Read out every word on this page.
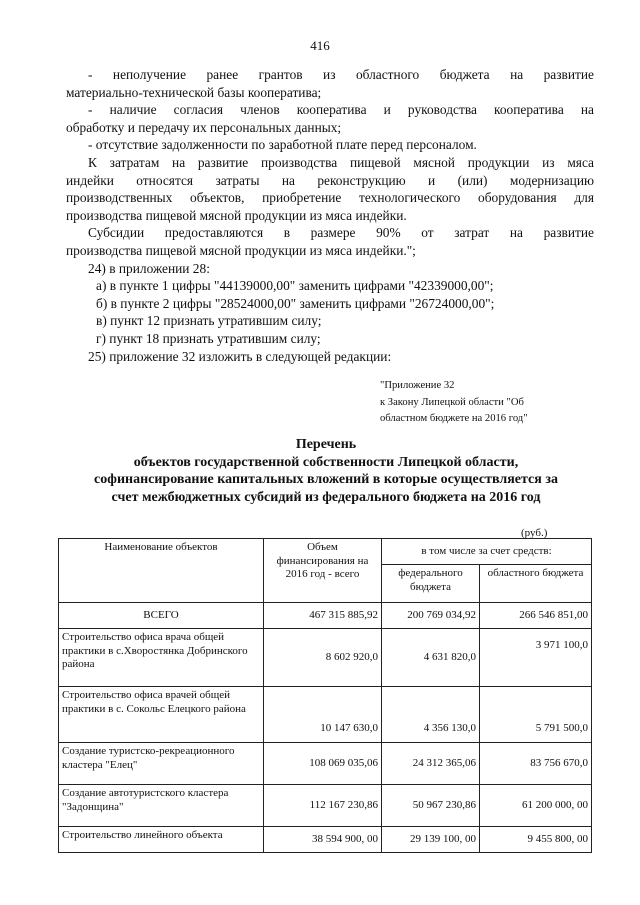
416

- неполучение ранее грантов из областного бюджета на развитие

материально-технической базы кооператива;

- наличие согласия членов кооператива и руководства кооператива на

обработку и передачу их персональных данных;

- отсутствие задолженности по заработной плате перед персоналом.

К затратам на развитие производства пищевой мясной продукции из мяса

индейки относятся затраты на реконструкцию и (или) модернизацию

производственных объектов, приобретение технологического оборудования для

производства пищевой мясной продукции из мяса индейки.

Субсидии предоставляются в размере 90% от затрат на развитие

производства пищевой мясной продукции из мяса индейки.";

24) в приложении 28:

а) в пункте 1 цифры "44139000,00" заменить цифрами "42339000,00";

б) в пункте 2 цифры "28524000,00" заменить цифрами "26724000,00";

в) пункт 12 признать утратившим силу;

г) пункт 18 признать утратившим силу;

25) приложение 32 изложить в следующей редакции:

"Приложение 32

к Закону Липецкой области "Об

областном бюджете на 2016 год"

Перечень

объектов государственной собственности Липецкой области,

софинансирование капитальных вложений в которые осуществляется за

счет межбюджетных субсидий из федерального бюджета на 2016 год

(руб.)
Наименование объектов	Объем финансирования на 2016 год - всего	в том числе за счет средств:	
		федерального бюджета	областного бюджета
ВСЕГО	467 315 885,92	200 769 034,92	266 546 851,00
Строительство офиса врача общей практики в с.Хворостянка Добринского района	8 602 920,0	4 631 820,0	3 971 100,0
Строительство офиса врачей общей практики в с. Сокольс Елецкого района	10 147 630,0	4 356 130,0	5 791 500,0
Создание туристско-рекреационного кластера "Елец"	108 069 035,06	24 312 365,06	83 756 670,0
Создание автотуристского кластера "Задонщина"	112 167 230,86	50 967 230,86	61 200 000, 00
Строительство линейного объекта	38 594 900, 00	29 139 100, 00	9 455 800, 00
